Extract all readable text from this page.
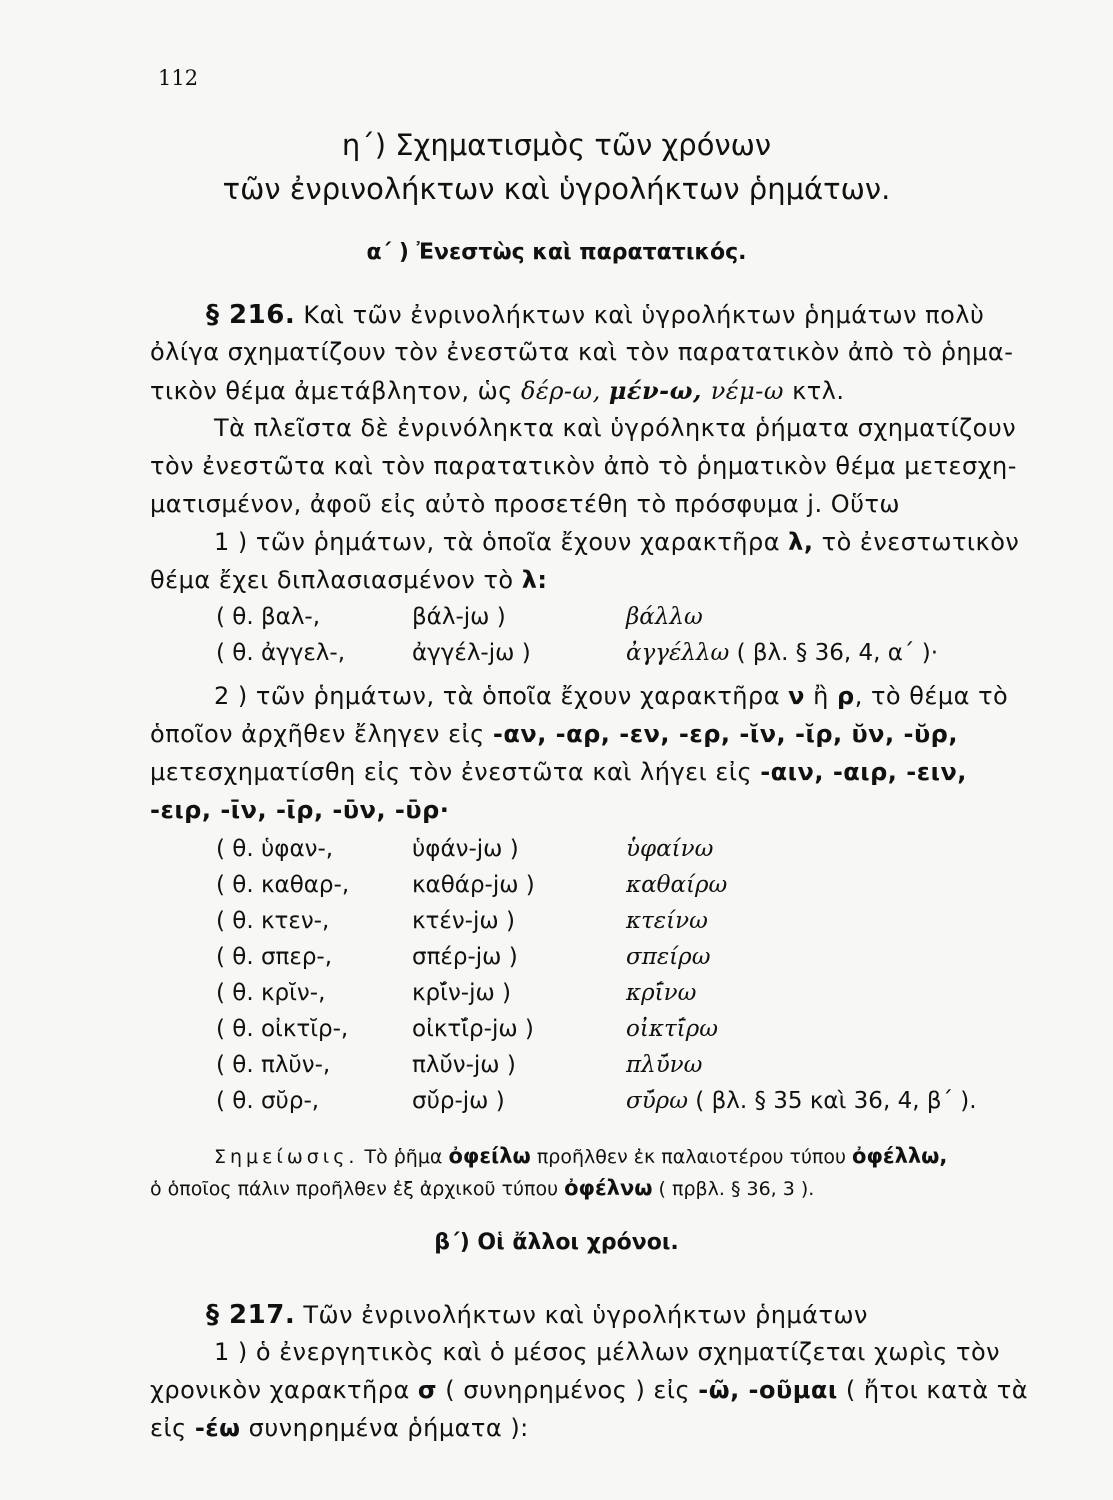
112
η΄) Σχηματισμὸς τῶν χρόνων
τῶν ἐνρινολήκτων καὶ ὑγρολήκτων ῥημάτων.
α΄ ) Ἐνεστὼς καὶ παρατατικός.
§ 216. Καὶ τῶν ἐνρινολήκτων καὶ ὑγρολήκτων ῥημάτων πολὺ
ὀλίγα σχηματίζουν τὸν ἐνεστῶτα καὶ τὸν παρατατικὸν ἀπὸ τὸ ῥημα-
τικὸν θέμα ἀμετάβλητον, ὡς δέρ-ω, μέν-ω, νέμ-ω κτλ.
Τὰ πλεῖστα δὲ ἐνρινόληκτα καὶ ὑγρόληκτα ῥήματα σχηματίζουν
τὸν ἐνεστῶτα καὶ τὸν παρατατικὸν ἀπὸ τὸ ῥηματικὸν θέμα μετεσχη-
ματισμένον, ἀφοῦ εἰς αὐτὸ προσετέθη τὸ πρόσφυμα j. Οὕτω
1 ) τῶν ῥημάτων, τὰ ὁποῖα ἔχουν χαρακτῆρα λ, τὸ ἐνεστωτικὸν
θέμα ἔχει διπλασιασμένον τὸ λ:
( θ. βαλ-,	βάλ-jω )	βάλλω
( θ. ἀγγελ-,	ἀγγέλ-jω )	ἀγγέλλω ( βλ. § 36, 4, α΄ )·
2 ) τῶν ῥημάτων, τὰ ὁποῖα ἔχουν χαρακτῆρα ν ἢ ρ, τὸ θέμα τὸ
ὁποῖον ἀρχῆθεν ἔληγεν εἰς -αν, -αρ, -εν, -ερ, -ῐν, -ῐρ, ῠν, -ῠρ,
μετεσχηματίσθη εἰς τὸν ἐνεστῶτα καὶ λήγει εἰς -αιν, -αιρ, -ειν,
-ειρ, -ῑν, -ῑρ, -ῡν, -ῡρ·
( θ. ὑφαν-,	ὑφάν-jω )	ὑφαίνω
( θ. καθαρ-,	καθάρ-jω )	καθαίρω
( θ. κτεν-,	κτέν-jω )	κτείνω
( θ. σπερ-,	σπέρ-jω )	σπείρω
( θ. κρῐν-,	κρῐ́ν-jω )	κρῑ́νω
( θ. οἰκτῐρ-,	οἰκτῐ́ρ-jω )	οἰκτῑ́ρω
( θ. πλῠν-,	πλῠ́ν-jω )	πλῡ́νω
( θ. σῠρ-,	σῠ́ρ-jω )	σῡ́ρω ( βλ. § 35 καὶ 36, 4, β΄ ).
Σημείωσις. Τὸ ῥῆμα ὀφείλω προῆλθεν ἐκ παλαιοτέρου τύπου ὀφέλλω,
ὁ ὁποῖος πάλιν προῆλθεν ἐξ ἀρχικοῦ τύπου ὀφέλνω ( πρβλ. § 36, 3 ).
β΄) Οἱ ἄλλοι χρόνοι.
§ 217. Τῶν ἐνρινολήκτων καὶ ὑγρολήκτων ῥημάτων
1 ) ὁ ἐνεργητικὸς καὶ ὁ μέσος μέλλων σχηματίζεται χωρὶς τὸν
χρονικὸν χαρακτῆρα σ ( συνηρημένος ) εἰς -ῶ, -οῦμαι ( ἤτοι κατὰ τὰ
εἰς -έω συνηρημένα ῥήματα ):
